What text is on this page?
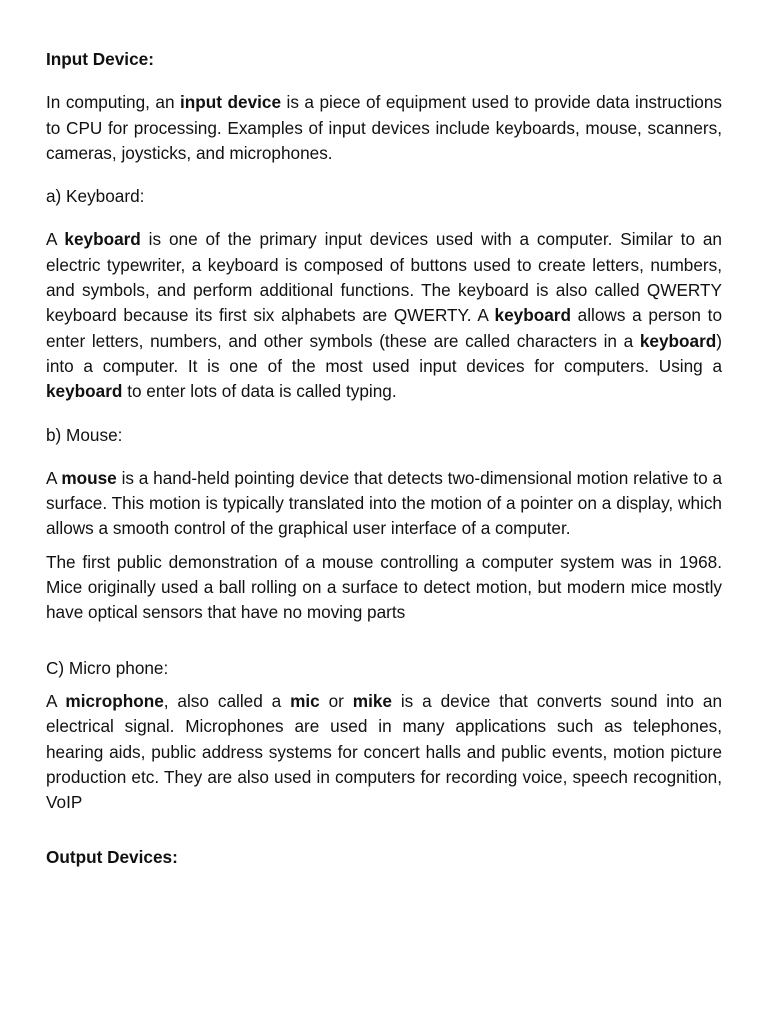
Input Device:

In computing, an input device is a piece of equipment used to provide data instructions to CPU for processing. Examples of input devices include keyboards, mouse, scanners, cameras, joysticks, and microphones.

a) Keyboard:

A keyboard is one of the primary input devices used with a computer. Similar to an electric typewriter, a keyboard is composed of buttons used to create letters, numbers, and symbols, and perform additional functions. The keyboard is also called QWERTY keyboard because its first six alphabets are QWERTY. A keyboard allows a person to enter letters, numbers, and other symbols (these are called characters in a keyboard) into a computer. It is one of the most used input devices for computers. Using a keyboard to enter lots of data is called typing.

b) Mouse:

A mouse is a hand-held pointing device that detects two-dimensional motion relative to a surface. This motion is typically translated into the motion of a pointer on a display, which allows a smooth control of the graphical user interface of a computer.

The first public demonstration of a mouse controlling a computer system was in 1968. Mice originally used a ball rolling on a surface to detect motion, but modern mice mostly have optical sensors that have no moving parts

C) Micro phone:

A microphone, also called a mic or mike is a device that converts sound into an electrical signal. Microphones are used in many applications such as telephones, hearing aids, public address systems for concert halls and public events, motion picture production etc. They are also used in computers for recording voice, speech recognition, VoIP

Output Devices:
